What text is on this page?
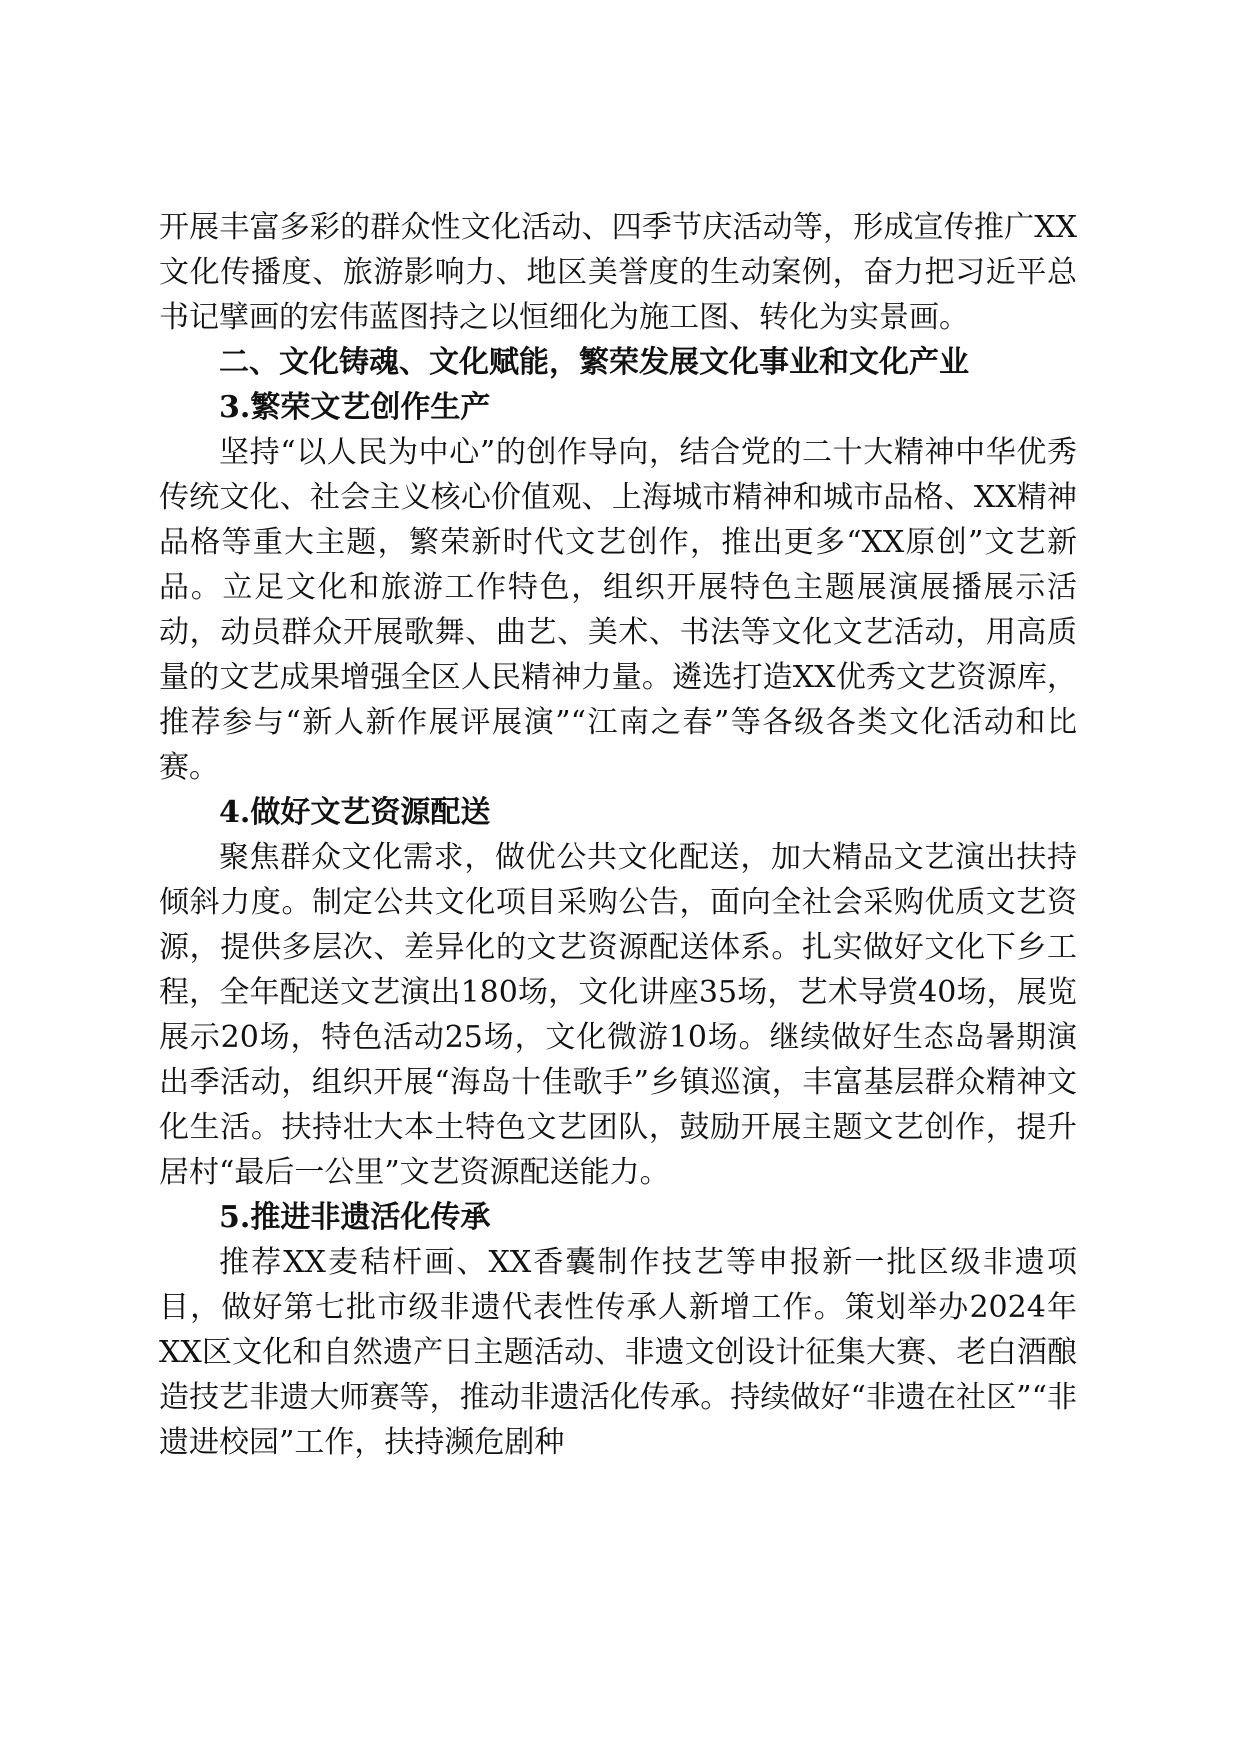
开展丰富多彩的群众性文化活动、四季节庆活动等，形成宣传推广XX文化传播度、旅游影响力、地区美誉度的生动案例，奋力把习近平总书记擘画的宏伟蓝图持之以恒细化为施工图、转化为实景画。

二、文化铸魂、文化赋能，繁荣发展文化事业和文化产业

3.繁荣文艺创作生产

坚持“以人民为中心”的创作导向，结合党的二十大精神中华优秀传统文化、社会主义核心价值观、上海城市精神和城市品格、XX精神品格等重大主题，繁荣新时代文艺创作，推出更多“XX原创”文艺新品。立足文化和旅游工作特色，组织开展特色主题展演展播展示活动，动员群众开展歌舞、曲艺、美术、书法等文化文艺活动，用高质量的文艺成果增强全区人民精神力量。遴选打造XX优秀文艺资源库，推荐参与“新人新作展评展演”“江南之春”等各级各类文化活动和比赛。

4.做好文艺资源配送

聚焦群众文化需求，做优公共文化配送，加大精品文艺演出扶持倾斜力度。制定公共文化项目采购公告，面向全社会采购优质文艺资源，提供多层次、差异化的文艺资源配送体系。扎实做好文化下乡工程，全年配送文艺演出180场，文化讲座35场，艺术导赏40场，展览展示20场，特色活动25场，文化微游10场。继续做好生态岛暑期演出季活动，组织开展“海岛十佳歌手”乡镇巡演，丰富基层群众精神文化生活。扶持壮大本土特色文艺团队，鼓励开展主题文艺创作，提升居村“最后一公里”文艺资源配送能力。

5.推进非遗活化传承

推荐XX麦秸杆画、XX香囊制作技艺等申报新一批区级非遗项目，做好第七批市级非遗代表性传承人新增工作。策划举办2024年XX区文化和自然遗产日主题活动、非遗文创设计征集大赛、老白酒酿造技艺非遗大师赛等，推动非遗活化传承。持续做好“非遗在社区”“非遗进校园”工作，扶持濒危剧种
